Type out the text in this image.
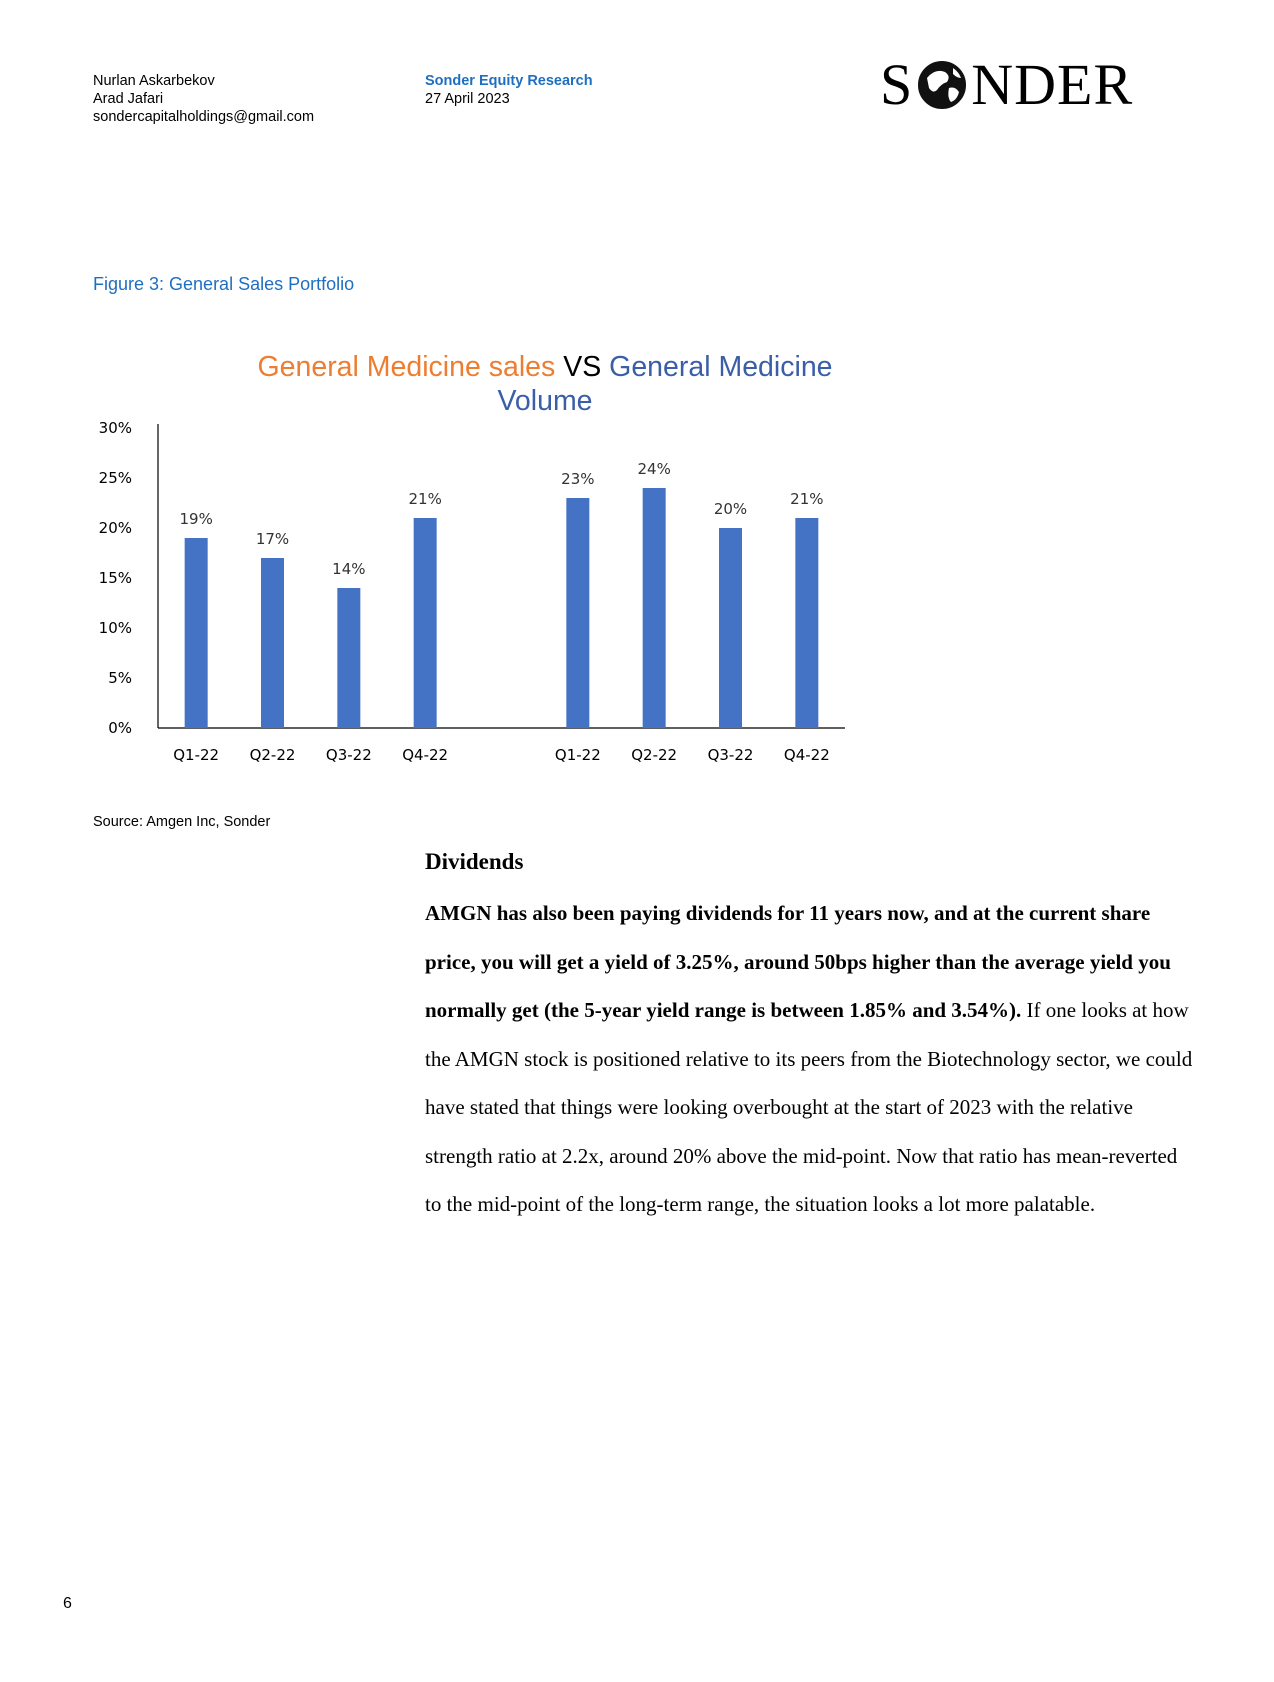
Nurlan Askarbekov
Arad Jafari
sondercapitalholdings@gmail.com
Sonder Equity Research
27 April 2023	S NDER
Figure 3: General Sales Portfolio
General Medicine sales VS General Medicine Volume
0%
5%
10%
15%
20%
25%
30%
19%
Q1-22
17%
Q2-22
14%
Q3-22
21%
Q4-22
23%
Q1-22
24%
Q2-22
20%
Q3-22
21%
Q4-22
Source: Amgen Inc, Sonder
Dividends

AMGN has also been paying dividends for 11 years now, and at the current share price, you will get a yield of 3.25%, around 50bps higher than the average yield you normally get (the 5-year yield range is between 1.85% and 3.54%). If one looks at how the AMGN stock is positioned relative to its peers from the Biotechnology sector, we could have stated that things were looking overbought at the start of 2023 with the relative strength ratio at 2.2x, around 20% above the mid-point. Now that ratio has mean-reverted to the mid-point of the long-term range, the situation looks a lot more palatable.

6
